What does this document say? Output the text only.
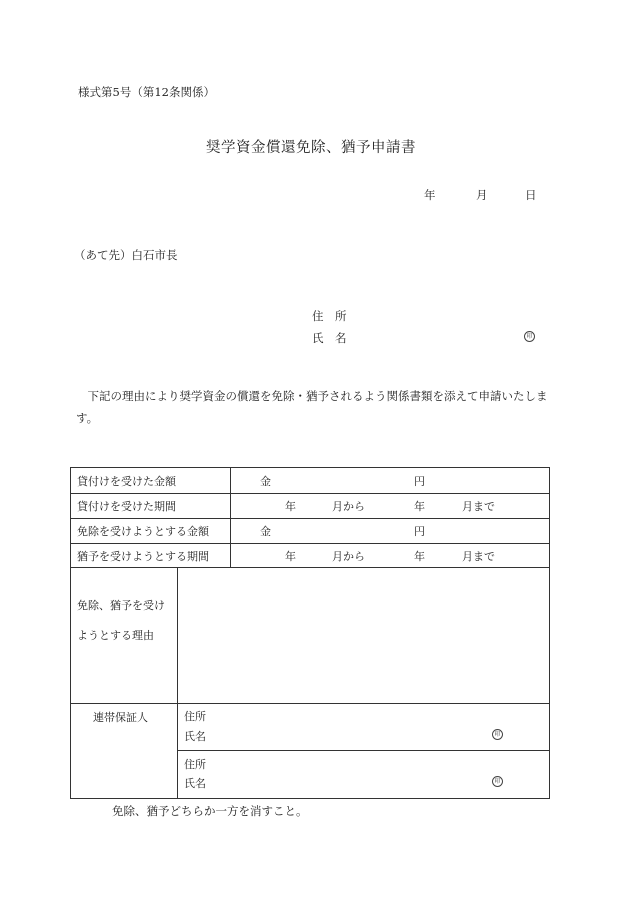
様式第5号（第12条関係）
奨学資金償還免除、猶予申請書
年	月	日
（あて先）白石市長
住　所
氏　名	印
　下記の理由により奨学資金の償還を免除・猶予されるよう関係書類を添えて申請いたします。
貸付けを受けた金額	金	円
貸付けを受けた期間	年	月から	年	月まで
免除を受けようとする金額	金	円
猶予を受けようとする期間	年	月から	年	月まで
免除、猶予を受け
ようとする理由
連帯保証人	住所
氏名	印
住所
氏名	印
免除、猶予どちらか一方を消すこと。
